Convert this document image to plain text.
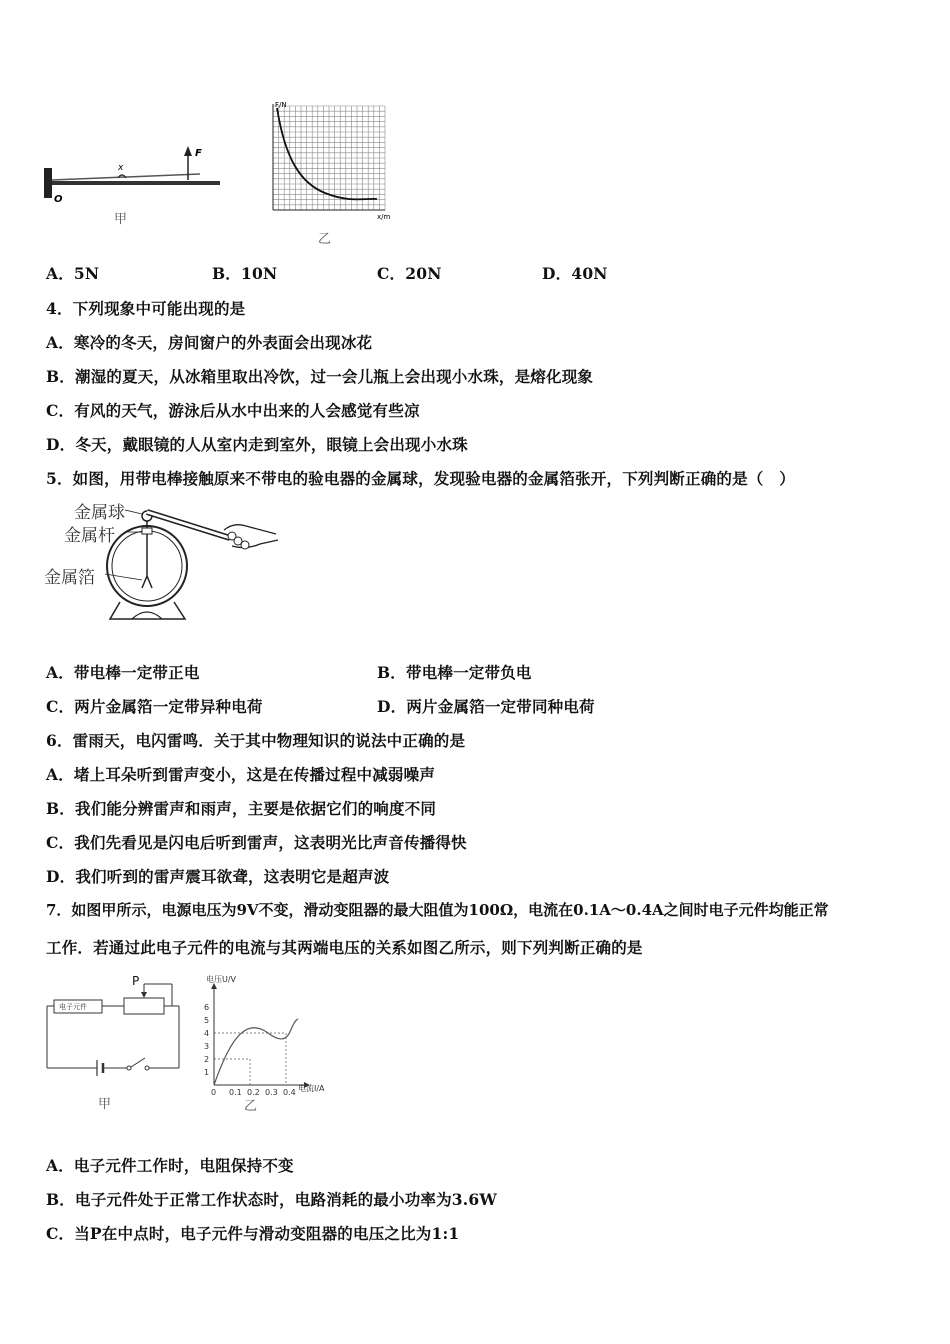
x
F
O
甲
F/N
x/m
乙
A．5N	B．10N	C．20N	D．40N
4．下列现象中可能出现的是
A．寒冷的冬天，房间窗户的外表面会出现冰花
B．潮湿的夏天，从冰箱里取出冷饮，过一会儿瓶上会出现小水珠，是熔化现象
C．有风的天气，游泳后从水中出来的人会感觉有些凉
D．冬天，戴眼镜的人从室内走到室外，眼镜上会出现小水珠
5．如图，用带电棒接触原来不带电的验电器的金属球，发现验电器的金属箔张开，下列判断正确的是（　）
金属球
金属杆
金属箔
A．带电棒一定带正电	B．带电棒一定带负电
C．两片金属箔一定带异种电荷	D．两片金属箔一定带同种电荷
6．雷雨天，电闪雷鸣．关于其中物理知识的说法中正确的是
A．堵上耳朵听到雷声变小，这是在传播过程中减弱噪声
B．我们能分辨雷声和雨声，主要是依据它们的响度不同
C．我们先看见是闪电后听到雷声，这表明光比声音传播得快
D．我们听到的雷声震耳欲聋，这表明它是超声波
7．如图甲所示，电源电压为9V不变，滑动变阻器的最大阻值为100Ω，电流在0.1A～0.4A之间时电子元件均能正常
工作．若通过此电子元件的电流与其两端电压的关系如图乙所示，则下列判断正确的是
电子元件
P
甲
1
2
3
4
5
6
0 0.1 0.2 0.3 0.4
电压U/V
电流I/A
乙
A．电子元件工作时，电阻保持不变
B．电子元件处于正常工作状态时，电路消耗的最小功率为3.6W
C．当P在中点时，电子元件与滑动变阻器的电压之比为1:1
